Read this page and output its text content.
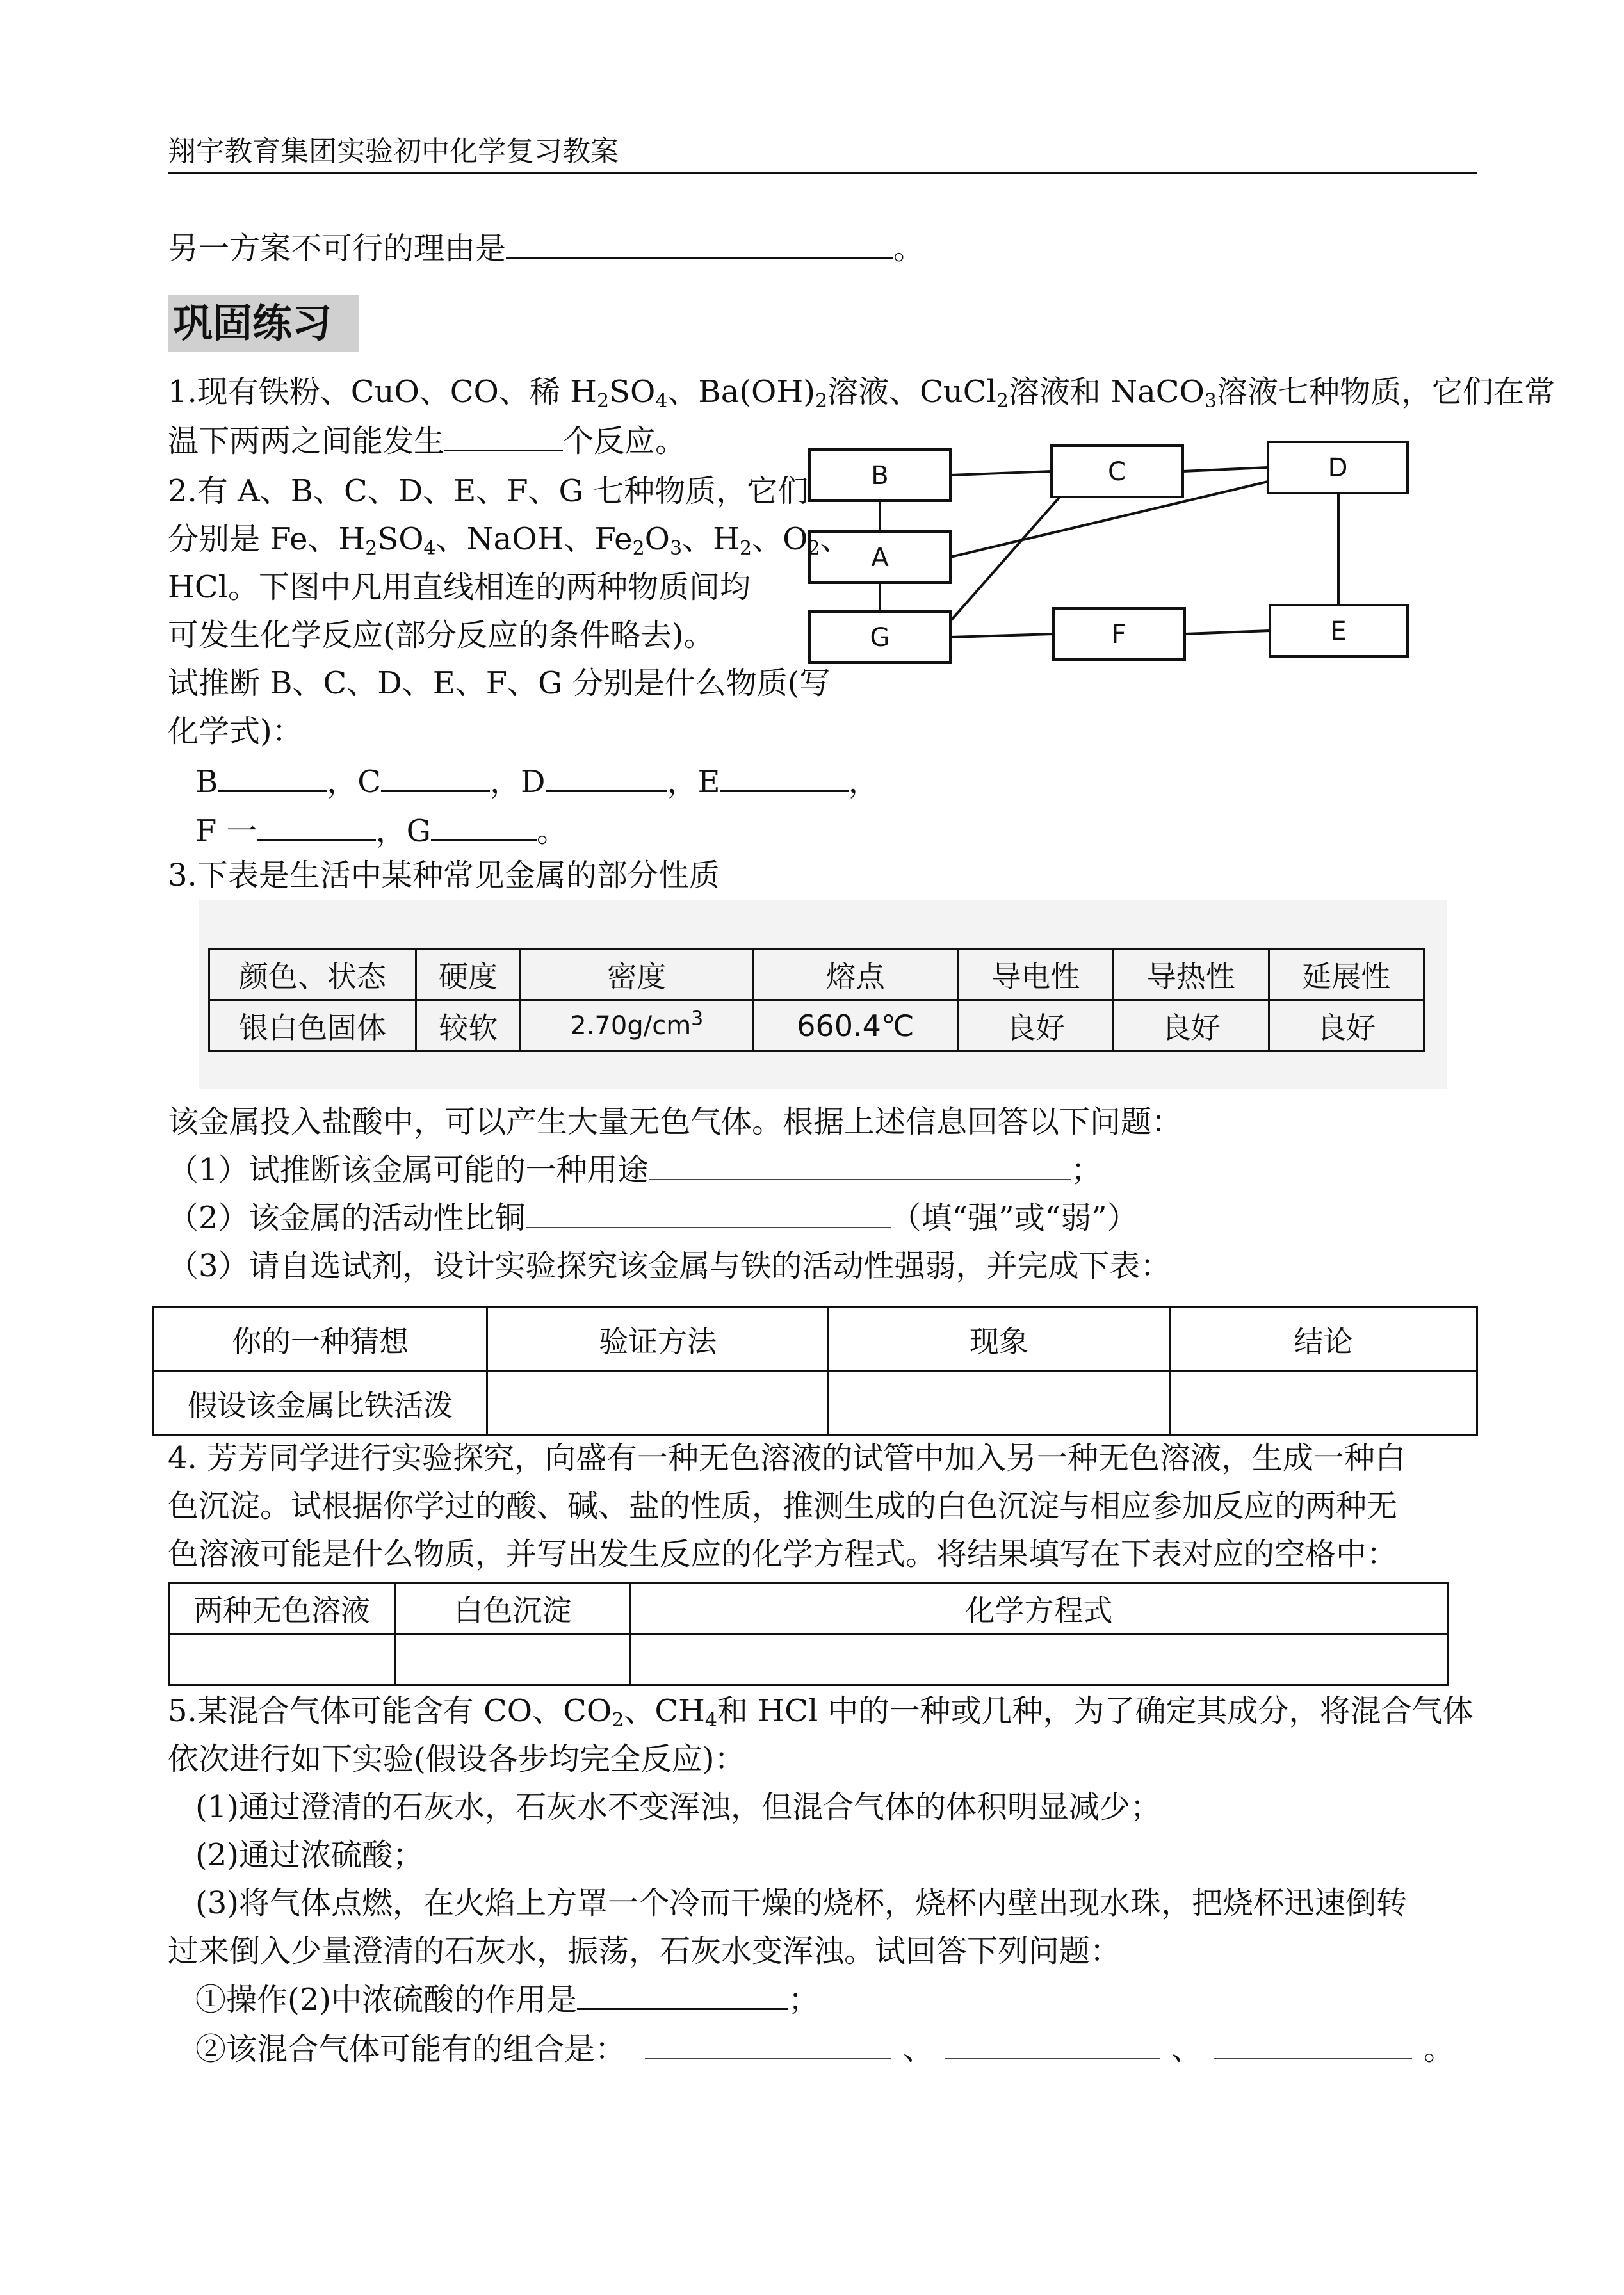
翔宇教育集团实验初中化学复习教案
另一方案不可行的理由是	。
巩固练习
1.现有铁粉、CuO、CO、稀 $H_2SO_4$、$Ba(OH)_2$溶液、CuCl$_2$溶液和 NaCO$_3$溶液七种物质，它们在常
温下两两之间能发生	个反应。
2.有 A、B、C、D、E、F、G 七种物质，它们
分别是 Fe、$H_2SO_4$、NaOH、$Fe_2O_3$、$H_2$、$O_2$、
HCl。下图中凡用直线相连的两种物质间均
可发生化学反应(部分反应的条件略去)。
试推断 B、C、D、E、F、G 分别是什么物质(写
化学式)：
B	C	D
A
G	F	E
B	，C	，D	，E	，
F 一	，G	。
3.下表是生活中某种常见金属的部分性质
颜色、状态	硬度	密度	熔点	导电性	导热性	延展性
银白色固体	较软	$2.70g/cm^3$	660.4℃	良好	良好	良好
该金属投入盐酸中，可以产生大量无色气体。根据上述信息回答以下问题：
（1）试推断该金属可能的一种用途	；
（2）该金属的活动性比铜	（填“强”或“弱”）
（3）请自选试剂，设计实验探究该金属与铁的活动性强弱，并完成下表：
你的一种猜想	验证方法	现象	结论
假设该金属比铁活泼			
4. 芳芳同学进行实验探究，向盛有一种无色溶液的试管中加入另一种无色溶液，生成一种白
色沉淀。试根据你学过的酸、碱、盐的性质，推测生成的白色沉淀与相应参加反应的两种无
色溶液可能是什么物质，并写出发生反应的化学方程式。将结果填写在下表对应的空格中：
两种无色溶液	白色沉淀	化学方程式

5.某混合气体可能含有 CO、$CO_2$、$CH_4$和 HCl 中的一种或几种，为了确定其成分，将混合气体
依次进行如下实验(假设各步均完全反应)：
(1)通过澄清的石灰水，石灰水不变浑浊，但混合气体的体积明显减少；
(2)通过浓硫酸；
(3)将气体点燃，在火焰上方罩一个冷而干燥的烧杯，烧杯内壁出现水珠，把烧杯迅速倒转
过来倒入少量澄清的石灰水，振荡，石灰水变浑浊。试回答下列问题：
①操作(2)中浓硫酸的作用是	；
②该混合气体可能有的组合是：	、	、	。
